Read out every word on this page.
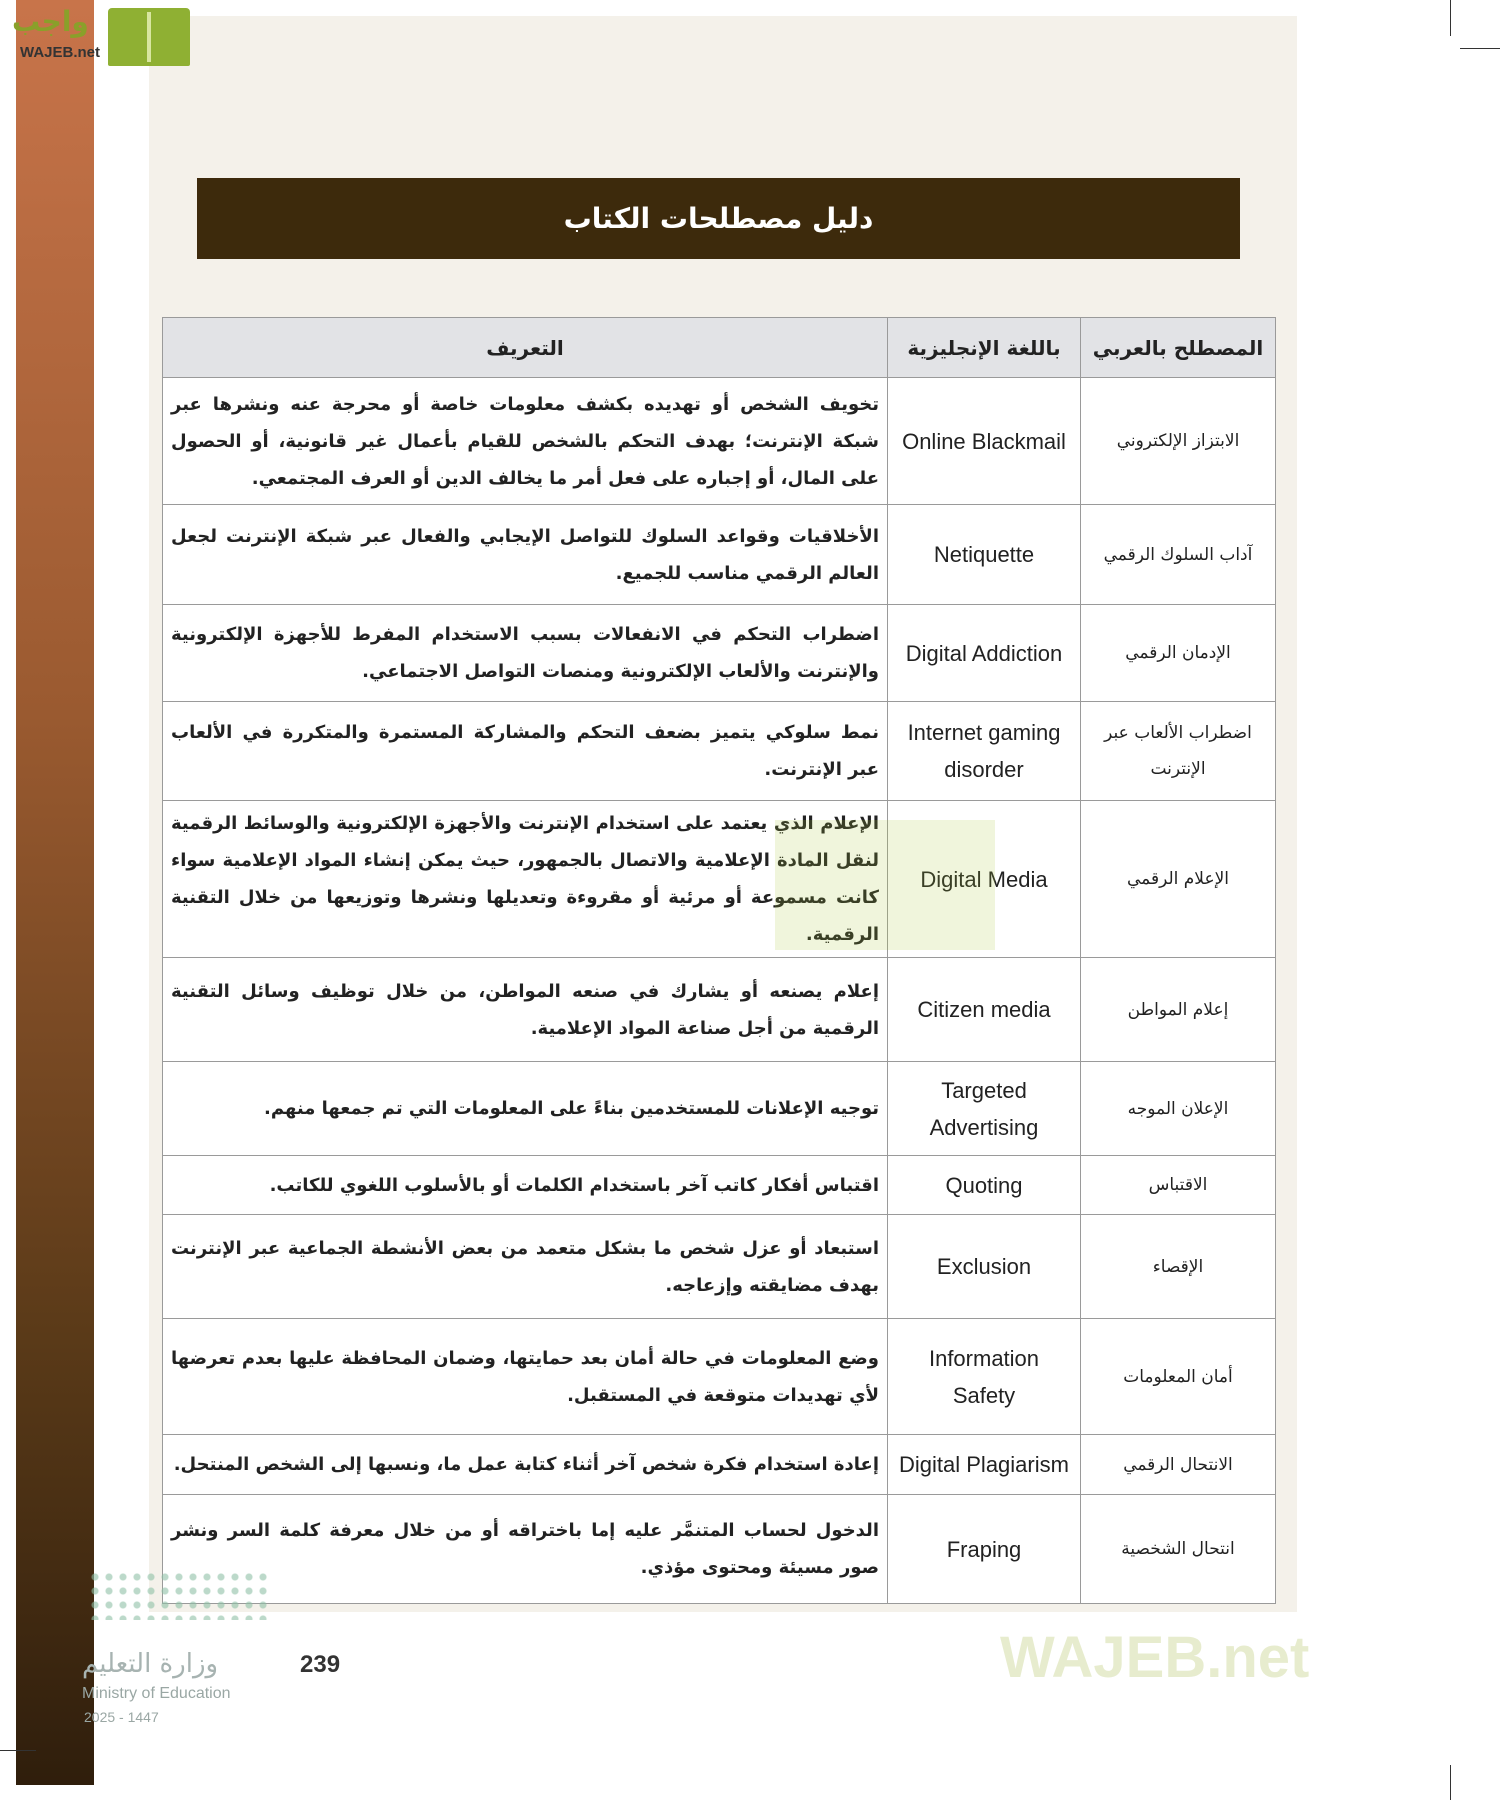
واجب
WAJEB.net
دليل مصطلحات الكتاب
المصطلح بالعربي	باللغة الإنجليزية	التعريف
الابتزاز الإلكتروني	Online Blackmail	تخويف الشخص أو تهديده بكشف معلومات خاصة أو محرجة عنه ونشرها عبر شبكة الإنترنت؛ بهدف التحكم بالشخص للقيام بأعمال غير قانونية، أو الحصول على المال، أو إجباره على فعل أمر ما يخالف الدين أو العرف المجتمعي.
آداب السلوك الرقمي	Netiquette	الأخلاقيات وقواعد السلوك للتواصل الإيجابي والفعال عبر شبكة الإنترنت لجعل العالم الرقمي مناسب للجميع.
الإدمان الرقمي	Digital Addiction	اضطراب التحكم في الانفعالات بسبب الاستخدام المفرط للأجهزة الإلكترونية والإنترنت والألعاب الإلكترونية ومنصات التواصل الاجتماعي.
اضطراب الألعاب عبر الإنترنت	Internet gaming disorder	نمط سلوكي يتميز بضعف التحكم والمشاركة المستمرة والمتكررة في الألعاب عبر الإنترنت.
الإعلام الرقمي	Digital Media	الإعلام الذي يعتمد على استخدام الإنترنت والأجهزة الإلكترونية والوسائط الرقمية لنقل المادة الإعلامية والاتصال بالجمهور، حيث يمكن إنشاء المواد الإعلامية سواء كانت مسموعة أو مرئية أو مقروءة وتعديلها ونشرها وتوزيعها من خلال التقنية الرقمية.
إعلام المواطن	Citizen media	إعلام يصنعه أو يشارك في صنعه المواطن، من خلال توظيف وسائل التقنية الرقمية من أجل صناعة المواد الإعلامية.
الإعلان الموجه	Targeted Advertising	توجيه الإعلانات للمستخدمين بناءً على المعلومات التي تم جمعها منهم.
الاقتباس	Quoting	اقتباس أفكار كاتب آخر باستخدام الكلمات أو بالأسلوب اللغوي للكاتب.
الإقصاء	Exclusion	استبعاد أو عزل شخص ما بشكل متعمد من بعض الأنشطة الجماعية عبر الإنترنت بهدف مضايقته وإزعاجه.
أمان المعلومات	Information Safety	وضع المعلومات في حالة أمان بعد حمايتها، وضمان المحافظة عليها بعدم تعرضها لأي تهديدات متوقعة في المستقبل.
الانتحال الرقمي	Digital Plagiarism	إعادة استخدام فكرة شخص آخر أثناء كتابة عمل ما، ونسبها إلى الشخص المنتحل.
انتحال الشخصية	Fraping	الدخول لحساب المتنمَّر عليه إما باختراقه أو من خلال معرفة كلمة السر ونشر صور مسيئة ومحتوى مؤذي.
WAJEB.net
وزارة التعليم
Ministry of Education
2025 - 1447
239
